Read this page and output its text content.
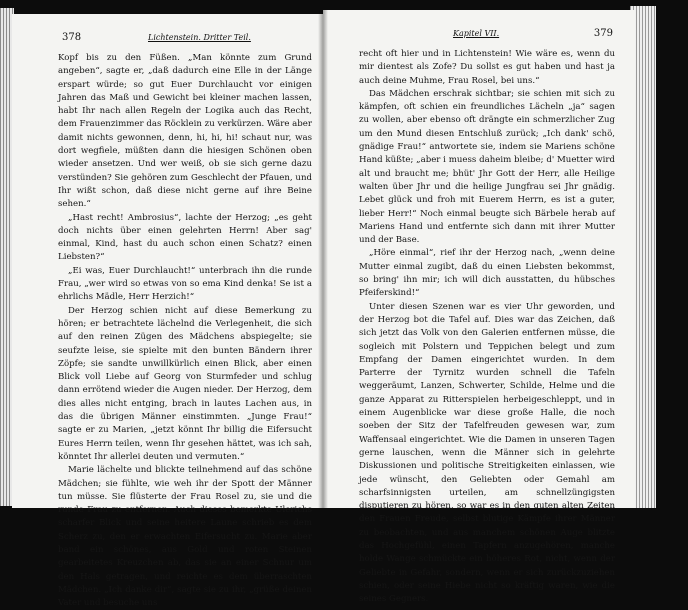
378	Lichtenstein. Dritter Teil.

Kopf bis zu den Füßen. „Man könnte zum Grund angeben“, sagte er, „daß dadurch eine Elle in der Länge erspart würde; so gut Euer Durchlaucht vor einigen Jahren das Maß und Gewicht bei kleiner machen lassen, habt Ihr nach allen Regeln der Logika auch das Recht, dem Frauenzimmer das Röcklein zu verkürzen. Wäre aber damit nichts gewonnen, denn, hi, hi, hi! schaut nur, was dort wegfiele, müßten dann die hiesigen Schönen oben wieder ansetzen. Und wer weiß, ob sie sich gerne dazu verstünden? Sie gehören zum Geschlecht der Pfauen, und Ihr wißt schon, daß diese nicht gerne auf ihre Beine sehen.“

„Hast recht! Ambrosius“, lachte der Herzog; „es geht doch nichts über einen gelehrten Herrn! Aber sag' einmal, Kind, hast du auch schon einen Schatz? einen Liebsten?“

„Ei was, Euer Durchlaucht!“ unterbrach ihn die runde Frau, „wer wird so etwas von so ema Kind denka! Se ist a ehrlichs Mädle, Herr Herzich!“

Der Herzog schien nicht auf diese Bemerkung zu hören; er betrachtete lächelnd die Verlegenheit, die sich auf den reinen Zügen des Mädchens abspiegelte; sie seufzte leise, sie spielte mit den bunten Bändern ihrer Zöpfe; sie sandte unwillkürlich einen Blick, aber einen Blick voll Liebe auf Georg von Sturmfeder und schlug dann errötend wieder die Augen nieder. Der Herzog, dem dies alles nicht entging, brach in lautes Lachen aus, in das die übrigen Männer einstimmten. „Junge Frau!“ sagte er zu Marien, „jetzt könnt Ihr billig die Eifersucht Eures Herrn teilen, wenn Ihr gesehen hättet, was ich sah, könntet Ihr allerlei deuten und vermuten.“

Marie lächelte und blickte teilnehmend auf das schöne Mädchen; sie fühlte, wie weh ihr der Spott der Männer tun müsse. Sie flüsterte der Frau Rosel zu, sie und die runde Frau zu entfernen. Auch dieses bemerkte Ulerichs scharfer Blick und seine heitere Laune schrieb es dem Scherz zu, den er erwachten Eifersucht zu. Marie aber band ein schönes, aus Gold und roten Steinen gearbeitetes Kreuzchen ab, das sie an einer Schnur um den Hals getragen, und reichte es dem überraschten Mädchen. „Ich danke dir“, sagte sie zu ihr, „grüße deinen Vater und besuche uns

Kapitel VII.	379

recht oft hier und in Lichtenstein! Wie wäre es, wenn du mir dientest als Zofe? Du sollst es gut haben und hast ja auch deine Muhme, Frau Rosel, bei uns.“

Das Mädchen erschrak sichtbar; sie schien mit sich zu kämpfen, oft schien ein freundliches Lächeln „ja“ sagen zu wollen, aber ebenso oft drängte ein schmerzlicher Zug um den Mund diesen Entschluß zurück; „Ich dank' schö, gnädige Frau!“ antwortete sie, indem sie Mariens schöne Hand küßte; „aber i muess daheim bleibe; d' Muetter wird alt und braucht me; bhüt' Jhr Gott der Herr, alle Heilige walten über Jhr und die heilige Jungfrau sei Jhr gnädig. Lebet glück und froh mit Euerem Herrn, es ist a guter, lieber Herr!“ Noch einmal beugte sich Bärbele herab auf Mariens Hand und entfernte sich dann mit ihrer Mutter und der Base.

„Höre einmal“, rief ihr der Herzog nach, „wenn deine Mutter einmal zugibt, daß du einen Liebsten bekommst, so bring' ihn mir; ich will dich ausstatten, du hübsches Pfeiferskind!“

Unter diesen Szenen war es vier Uhr geworden, und der Herzog bot die Tafel auf. Dies war das Zeichen, daß sich jetzt das Volk von den Galerien entfernen müsse, die sogleich mit Polstern und Teppichen belegt und zum Empfang der Damen eingerichtet wurden. In dem Parterre der Tyrnitz wurden schnell die Tafeln weggeräumt, Lanzen, Schwerter, Schilde, Helme und die ganze Apparat zu Ritterspielen herbeigeschleppt, und in einem Augenblicke war diese große Halle, die noch soeben der Sitz der Tafelfreuden gewesen war, zum Waffensaal eingerichtet. Wie die Damen in unseren Tagen gerne lauschen, wenn die Männer sich in gelehrte Diskussionen und politische Streitigkeiten einlassen, wie jede wünscht, den Geliebten oder Gemahl am scharfsinnigsten urteilen, am schnellzüngigsten disputieren zu hören, so war es in den guten alten Zeiten den Frauen Freude, selbst blutige Kämpfe ihrer Männer zu beobachten, und aus manchem schönen Auge blitzte das Hochgefühl, einen Tapfern anzugehören, manche holde Wange schmückte ein höheres Rot, nicht, wenn der Geliebte in Gefahr, sondern, wenn er sich zurückzuziehen schien, oder seine Hiebe nicht so kräftig waren, wie die seines Gegners.
